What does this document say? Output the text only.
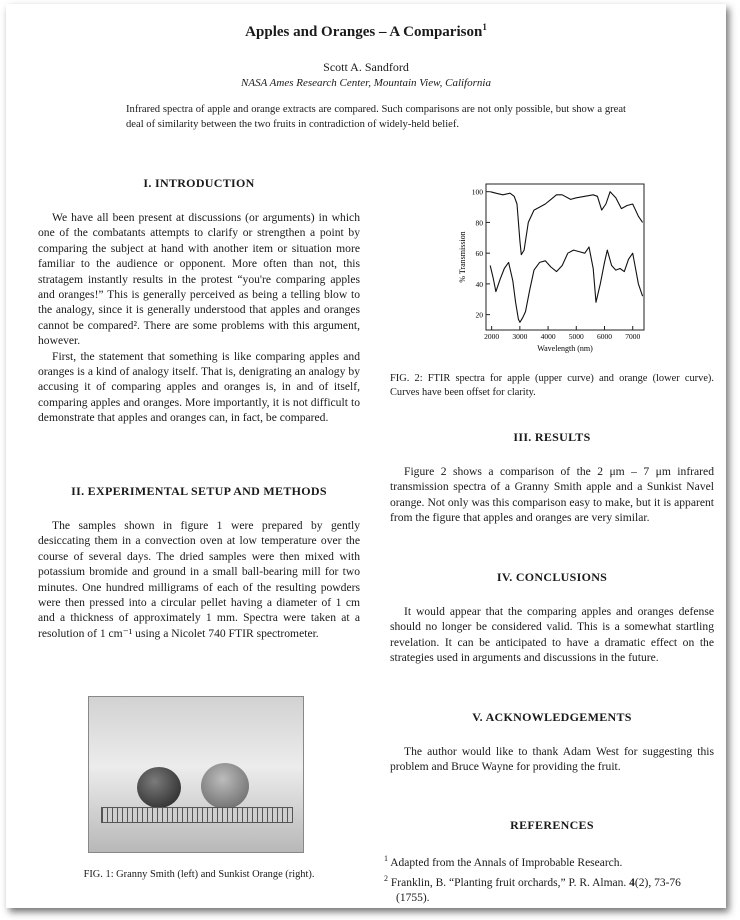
Apples and Oranges – A Comparison$^1$
Scott A. Sandford
NASA Ames Research Center, Mountain View, California
Infrared spectra of apple and orange extracts are compared. Such comparisons are not only possible, but show a great deal of similarity between the two fruits in contradiction of widely-held belief.
I. INTRODUCTION

We have all been present at discussions (or arguments) in which one of the combatants attempts to clarify or strengthen a point by comparing the subject at hand with another item or situation more familiar to the audience or opponent. More often than not, this stratagem instantly results in the protest “you're comparing apples and oranges!” This is generally perceived as being a telling blow to the analogy, since it is generally understood that apples and oranges cannot be compared². There are some problems with this argument, however.

First, the statement that something is like comparing apples and oranges is a kind of analogy itself. That is, denigrating an analogy by accusing it of comparing apples and oranges is, in and of itself, comparing apples and oranges. More importantly, it is not difficult to demonstrate that apples and oranges can, in fact, be compared.

II. EXPERIMENTAL SETUP AND METHODS

The samples shown in figure 1 were prepared by gently desiccating them in a convection oven at low temperature over the course of several days. The dried samples were then mixed with potassium bromide and ground in a small ball-bearing mill for two minutes. One hundred milligrams of each of the resulting powders were then pressed into a circular pellet having a diameter of 1 cm and a thickness of approximately 1 mm. Spectra were taken at a resolution of 1 cm⁻¹ using a Nicolet 740 FTIR spectrometer.

FIG. 1: Granny Smith (left) and Sunkist Orange (right).
20
40
60
80
100
2000 3000 4000 5000 6000 7000
% Transmission
Wavelength (nm)
FIG. 2: FTIR spectra for apple (upper curve) and orange (lower curve). Curves have been offset for clarity.
III. RESULTS

Figure 2 shows a comparison of the 2 μm – 7 μm infrared transmission spectra of a Granny Smith apple and a Sunkist Navel orange. Not only was this comparison easy to make, but it is apparent from the figure that apples and oranges are very similar.

IV. CONCLUSIONS

It would appear that the comparing apples and oranges defense should no longer be considered valid. This is a somewhat startling revelation. It can be anticipated to have a dramatic effect on the strategies used in arguments and discussions in the future.

V. ACKNOWLEDGEMENTS

The author would like to thank Adam West for suggesting this problem and Bruce Wayne for providing the fruit.

REFERENCES
$^1$ Adapted from the Annals of Improbable Research.
$^2$ Franklin, B. “Planting fruit orchards,” P. R. Alman. 4(2), 73-76 (1755).
